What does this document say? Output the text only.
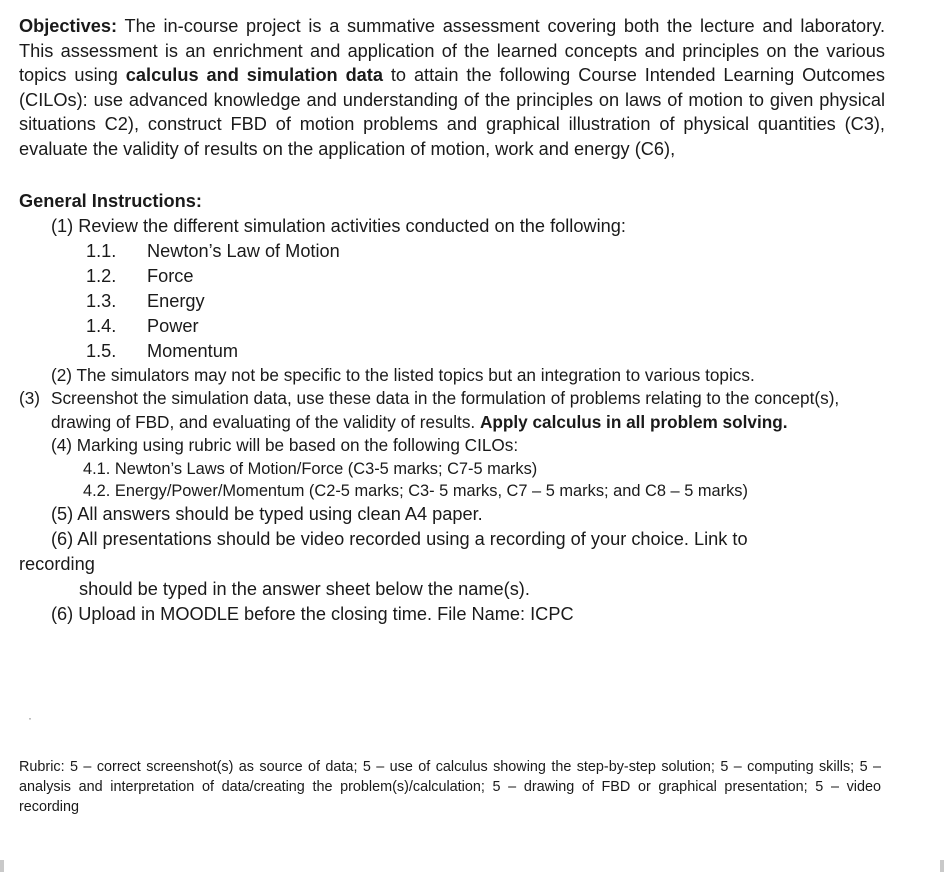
Objectives: The in-course project is a summative assessment covering both the lecture and laboratory. This assessment is an enrichment and application of the learned concepts and principles on the various topics using calculus and simulation data to attain the following Course Intended Learning Outcomes (CILOs): use advanced knowledge and understanding of the principles on laws of motion to given physical situations C2), construct FBD of motion problems and graphical illustration of physical quantities (C3), evaluate the validity of results on the application of motion, work and energy (C6),

General Instructions:
(1) Review the different simulation activities conducted on the following:
1.1. Newton’s Law of Motion
1.2. Force
1.3. Energy
1.4. Power
1.5. Momentum
(2) The simulators may not be specific to the listed topics but an integration to various topics.
(3) Screenshot the simulation data, use these data in the formulation of problems relating to the concept(s), drawing of FBD, and evaluating of the validity of results. Apply calculus in all problem solving.
(4) Marking using rubric will be based on the following CILOs:
4.1. Newton’s Laws of Motion/Force (C3-5 marks; C7-5 marks)
4.2. Energy/Power/Momentum (C2-5 marks; C3- 5 marks, C7 – 5 marks; and C8 – 5 marks)
(5) All answers should be typed using clean A4 paper.
(6) All presentations should be video recorded using a recording of your choice. Link to
recording
should be typed in the answer sheet below the name(s).
(6) Upload in MOODLE before the closing time. File Name: ICPC
·
Rubric: 5 – correct screenshot(s) as source of data; 5 – use of calculus showing the step-by-step solution; 5 – computing skills; 5 – analysis and interpretation of data/creating the problem(s)/calculation; 5 – drawing of FBD or graphical presentation; 5 – video recording
